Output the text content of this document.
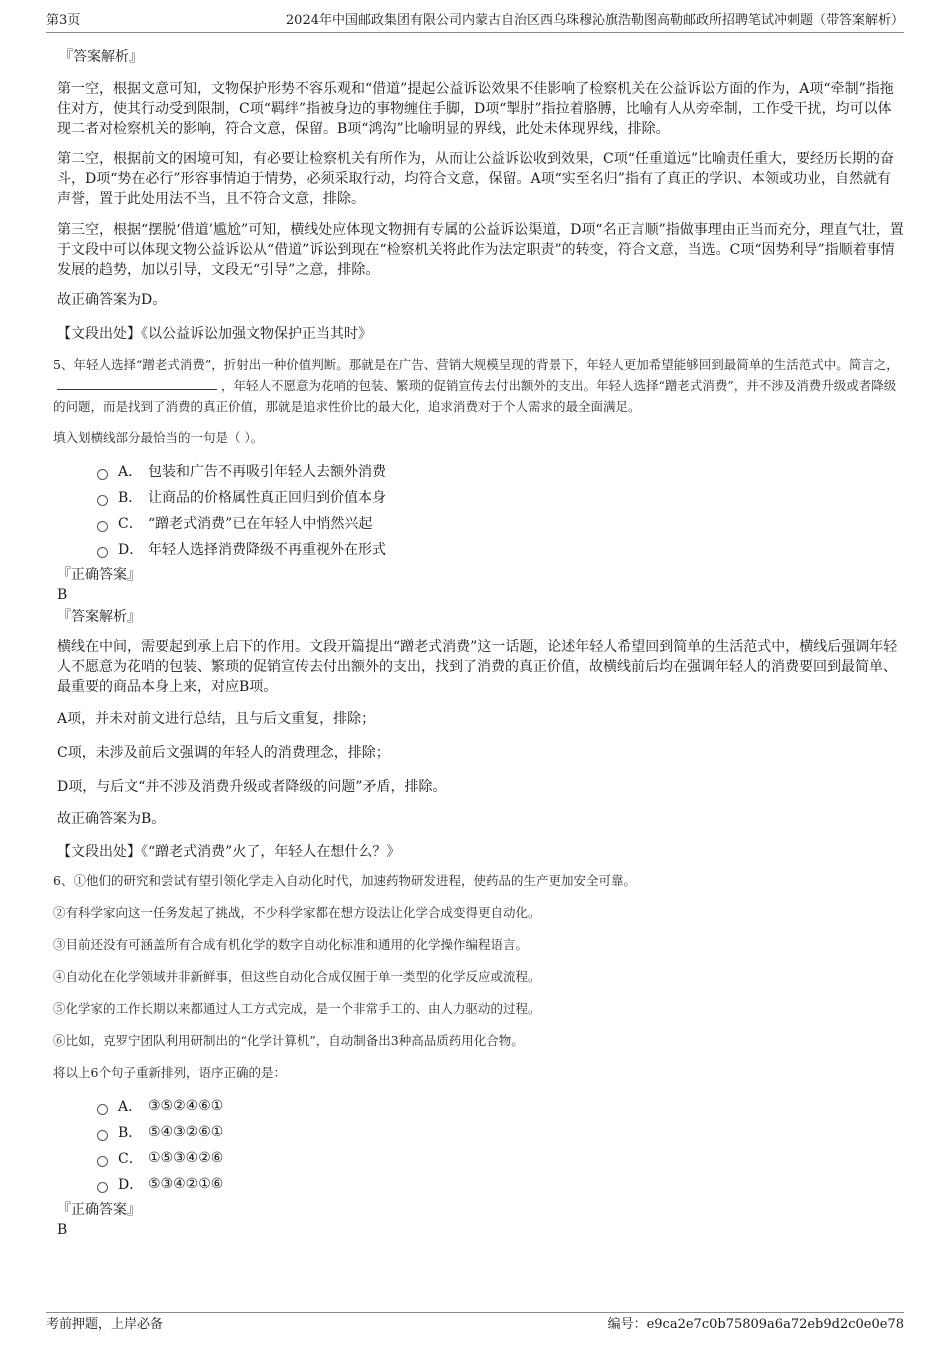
第3页	2024年中国邮政集团有限公司内蒙古自治区西乌珠穆沁旗浩勒图高勒邮政所招聘笔试冲刺题（带答案解析）

『答案解析』

第一空，根据文意可知，文物保护形势不容乐观和“借道”提起公益诉讼效果不佳影响了检察机关在公益诉讼方面的作为，A项“牵制”指拖住对方，使其行动受到限制，C项“羁绊”指被身边的事物缠住手脚，D项“掣肘”指拉着胳膊，比喻有人从旁牵制，工作受干扰，均可以体现二者对检察机关的影响，符合文意，保留。B项“鸿沟”比喻明显的界线，此处未体现界线，排除。

第二空，根据前文的困境可知，有必要让检察机关有所作为，从而让公益诉讼收到效果，C项“任重道远”比喻责任重大，要经历长期的奋斗，D项“势在必行”形容事情迫于情势，必须采取行动，均符合文意，保留。A项“实至名归”指有了真正的学识、本领或功业，自然就有声誉，置于此处用法不当，且不符合文意，排除。

第三空，根据“摆脱‘借道’尴尬”可知，横线处应体现文物拥有专属的公益诉讼渠道，D项“名正言顺”指做事理由正当而充分，理直气壮，置于文段中可以体现文物公益诉讼从“借道”诉讼到现在“检察机关将此作为法定职责”的转变，符合文意，当选。C项“因势利导”指顺着事情发展的趋势，加以引导，文段无“引导”之意，排除。

故正确答案为D。

【文段出处】《以公益诉讼加强文物保护正当其时》

5、年轻人选择“蹭老式消费”，折射出一种价值判断。那就是在广告、营销大规模呈现的背景下，年轻人更加希望能够回到最简单的生活范式中。简言之，，年轻人不愿意为花哨的包装、繁琐的促销宣传去付出额外的支出。年轻人选择“蹭老式消费”，并不涉及消费升级或者降级的问题，而是找到了消费的真正价值，那就是追求性价比的最大化，追求消费对于个人需求的最全面满足。

填入划横线部分最恰当的一句是（ ）。

A． 包装和广告不再吸引年轻人去额外消费
B． 让商品的价格属性真正回归到价值本身
C． “蹭老式消费”已在年轻人中悄然兴起
D． 年轻人选择消费降级不再重视外在形式

『正确答案』

B

『答案解析』

横线在中间，需要起到承上启下的作用。文段开篇提出“蹭老式消费”这一话题，论述年轻人希望回到简单的生活范式中，横线后强调年轻人不愿意为花哨的包装、繁琐的促销宣传去付出额外的支出，找到了消费的真正价值，故横线前后均在强调年轻人的消费要回到最简单、最重要的商品本身上来，对应B项。

A项，并未对前文进行总结，且与后文重复，排除；

C项，未涉及前后文强调的年轻人的消费理念，排除；

D项，与后文“并不涉及消费升级或者降级的问题”矛盾，排除。

故正确答案为B。

【文段出处】《“蹭老式消费”火了，年轻人在想什么？》

6、①他们的研究和尝试有望引领化学走入自动化时代，加速药物研发进程，使药品的生产更加安全可靠。

②有科学家向这一任务发起了挑战，不少科学家都在想方设法让化学合成变得更自动化。

③目前还没有可涵盖所有合成有机化学的数字自动化标准和通用的化学操作编程语言。

④自动化在化学领域并非新鲜事，但这些自动化合成仅囿于单一类型的化学反应或流程。

⑤化学家的工作长期以来都通过人工方式完成，是一个非常手工的、由人力驱动的过程。

⑥比如，克罗宁团队利用研制出的“化学计算机”，自动制备出3种高品质药用化合物。

将以上6个句子重新排列，语序正确的是：

A． ③⑤②④⑥①
B． ⑤④③②⑥①
C． ①⑤③④②⑥
D． ⑤③④②①⑥

『正确答案』

B

考前押题，上岸必备	编号：e9ca2e7c0b75809a6a72eb9d2c0e0e78
